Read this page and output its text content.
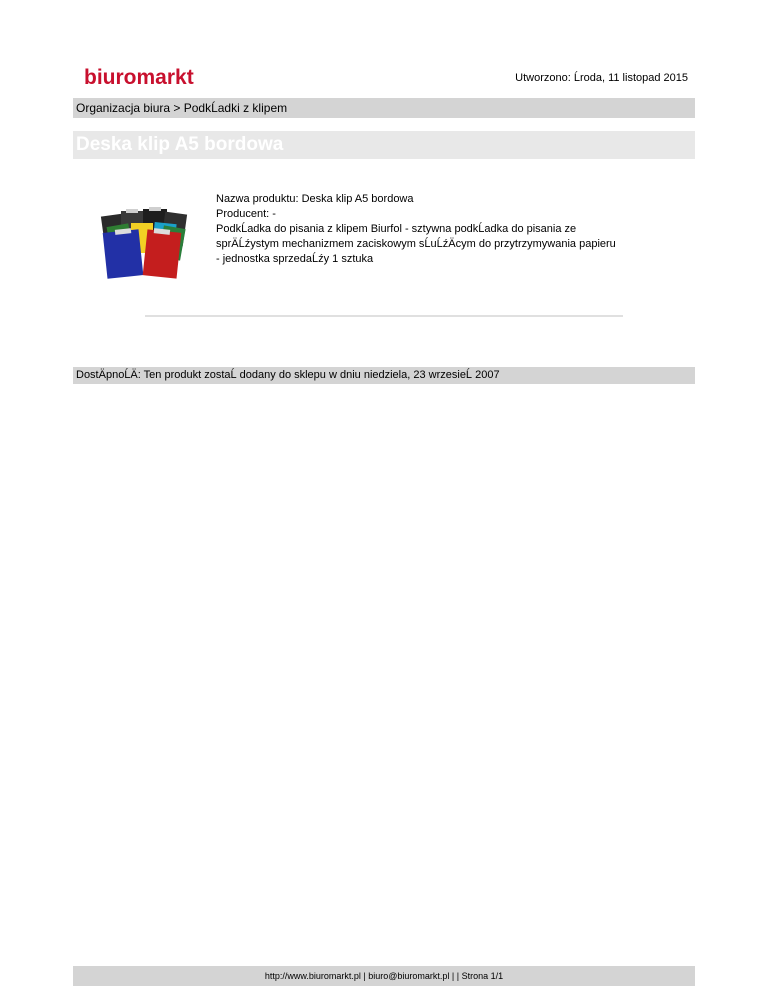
biuromarkt	Utworzono: Ĺroda, 11 listopad 2015
Organizacja biura > PodkĹadki z klipem
Deska klip A5 bordowa
Nazwa produktu: Deska klip A5 bordowa
Producent: -
PodkĹadka do pisania z klipem Biurfol - sztywna podkĹadka do pisania ze
sprÄĹźystym mechanizmem zaciskowym sĹuĹźÄcym do przytrzymywania papieru
- jednostka sprzedaĹźy 1 sztuka
DostÄpnoĹÄ: Ten produkt zostaĹ dodany do sklepu w dniu niedziela, 23 wrzesieĹ 2007
http://www.biuromarkt.pl | biuro@biuromarkt.pl | | Strona 1/1
